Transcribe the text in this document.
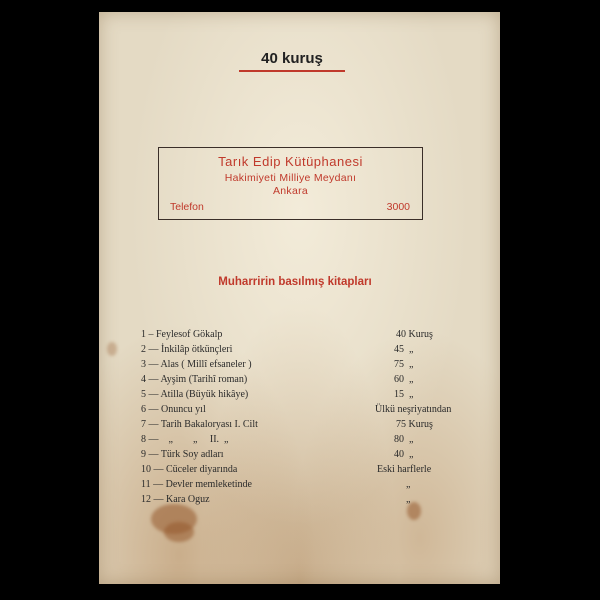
40 kuruş
Tarık Edip Kütüphanesi
Hakimiyeti Milliye Meydanı
Ankara
Telefon	3000
Muharririn basılmış kitapları
1 – Feylesof Gökalp	40 Kuruş
2 — İnkilâp ötkünçleri	45  „
3 — Alas ( Millî efsaneler )	75  „
4 — Ayşim (Tarihî roman)	60  „
5 — Atilla (Büyük hikâye)	15  „
6 — Onuncu yıl	Ülkü neşriyatından
7 — Tarih Bakaloryası I. Cilt	75 Kuruş
8 —    „        „     II.  „	80  „
9 — Türk Soy adları	40  „
10 — Cüceler diyarında	Eski harflerle
11 — Devler memleketinde	„
12 — Kara Oguz	„
